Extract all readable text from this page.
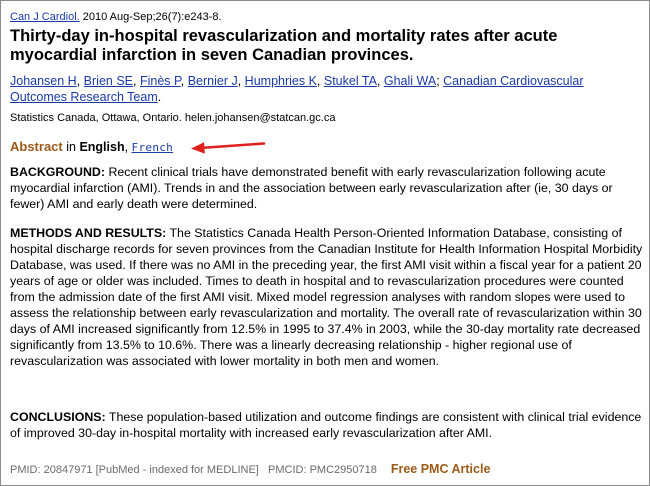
Can J Cardiol. 2010 Aug-Sep;26(7):e243-8.
Thirty-day in-hospital revascularization and mortality rates after acute myocardial infarction in seven Canadian provinces.
Johansen H, Brien SE, Finès P, Bernier J, Humphries K, Stukel TA, Ghali WA; Canadian Cardiovascular Outcomes Research Team.
Statistics Canada, Ottawa, Ontario. helen.johansen@statcan.gc.ca
Abstract in English, French

BACKGROUND: Recent clinical trials have demonstrated benefit with early revascularization following acute myocardial infarction (AMI). Trends in and the association between early revascularization after (ie, 30 days or fewer) AMI and early death were determined.

METHODS AND RESULTS: The Statistics Canada Health Person-Oriented Information Database, consisting of hospital discharge records for seven provinces from the Canadian Institute for Health Information Hospital Morbidity Database, was used. If there was no AMI in the preceding year, the first AMI visit within a fiscal year for a patient 20 years of age or older was included. Times to death in hospital and to revascularization procedures were counted from the admission date of the first AMI visit. Mixed model regression analyses with random slopes were used to assess the relationship between early revascularization and mortality. The overall rate of revascularization within 30 days of AMI increased significantly from 12.5% in 1995 to 37.4% in 2003, while the 30-day mortality rate decreased significantly from 13.5% to 10.6%. There was a linearly decreasing relationship - higher regional use of revascularization was associated with lower mortality in both men and women.

CONCLUSIONS: These population-based utilization and outcome findings are consistent with clinical trial evidence of improved 30-day in-hospital mortality with increased early revascularization after AMI.

PMID: 20847971 [PubMed - indexed for MEDLINE]   PMCID: PMC2950718 Free PMC Article
